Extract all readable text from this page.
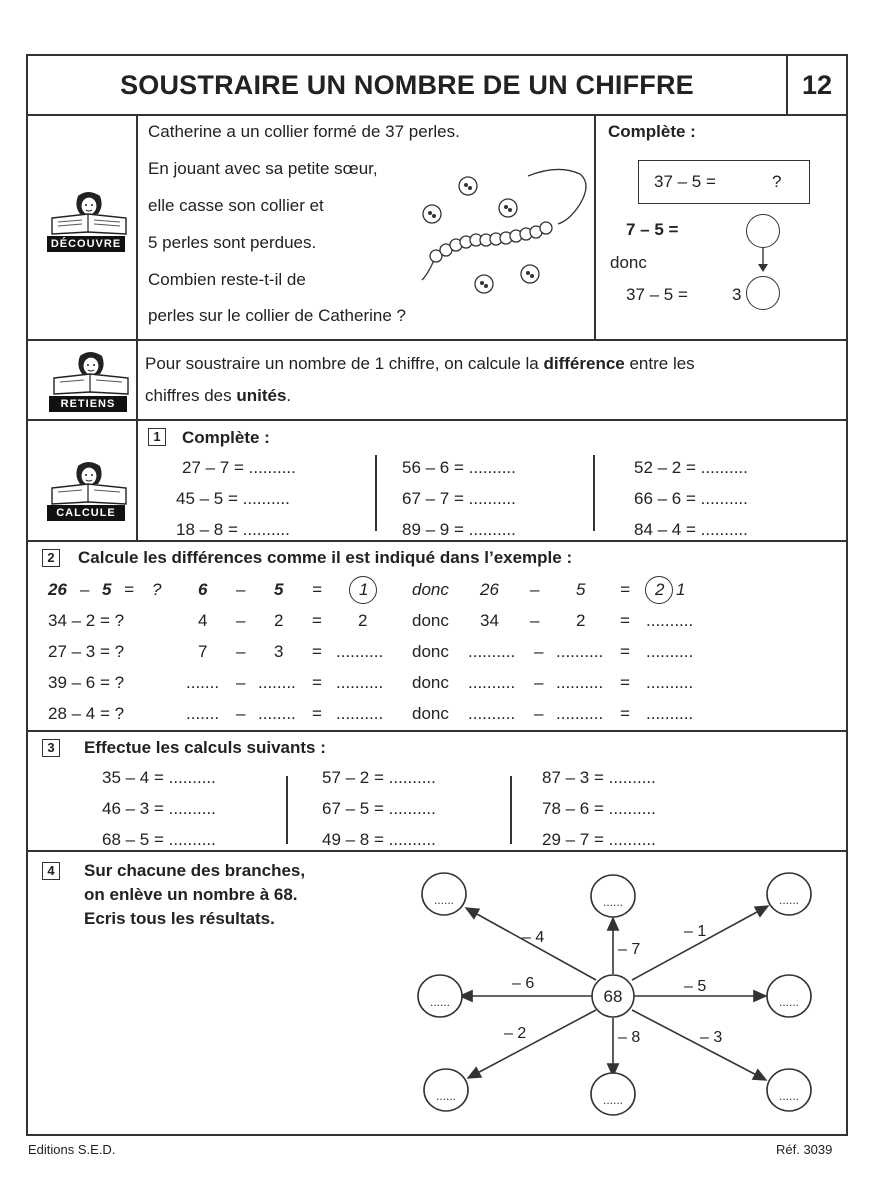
SOUSTRAIRE UN NOMBRE DE UN CHIFFRE	12
DÉCOUVRE
Catherine a un collier formé de 37 perles.
En jouant avec sa petite sœur,
elle casse son collier et
5 perles sont perdues.
Combien reste-t-il de
perles sur le collier de Catherine ?
Complète :
37 – 5 =	?
7 – 5 =
donc
37 – 5 =	3
RETIENS
Pour soustraire un nombre de 1 chiffre, on calcule la différence entre les
chiffres des unités.
CALCULE
1	Complète :
27 – 7 = ..........
45 – 5 = ..........
18 – 8 = ..........
56 – 6 = ..........
67 – 7 = ..........
89 – 9 = ..........
52 – 2 = ..........
66 – 6 = ..........
84 – 4 = ..........
2	Calcule les différences comme il est indiqué dans l’exemple :
26 – 5 = ? 6 – 5 = 1	donc 26 – 5 = 2 1
34 – 2 = ?	4 – 2 = 2	donc 34 – 2 = ..........
27 – 3 = ?	7 – 3 = .......... donc .......... – .......... = ..........
39 – 6 = ?	....... – ........ = .......... donc .......... – .......... = ..........
28 – 4 = ?	....... – ........ = .......... donc .......... – .......... = ..........
3	Effectue les calculs suivants :
35 – 4 = ..........
46 – 3 = ..........
68 – 5 = ..........
57 – 2 = ..........
67 – 5 = ..........
49 – 8 = ..........
87 – 3 = ..........
78 – 6 = ..........
29 – 7 = ..........
4	Sur chacune des branches,
on enlève un nombre à 68.
Ecris tous les résultats.
......	......	......
......	......
......	......	......
68
– 4
– 7
– 1
– 6	– 5
– 2	– 8	– 3
Editions S.E.D.	Réf. 3039
